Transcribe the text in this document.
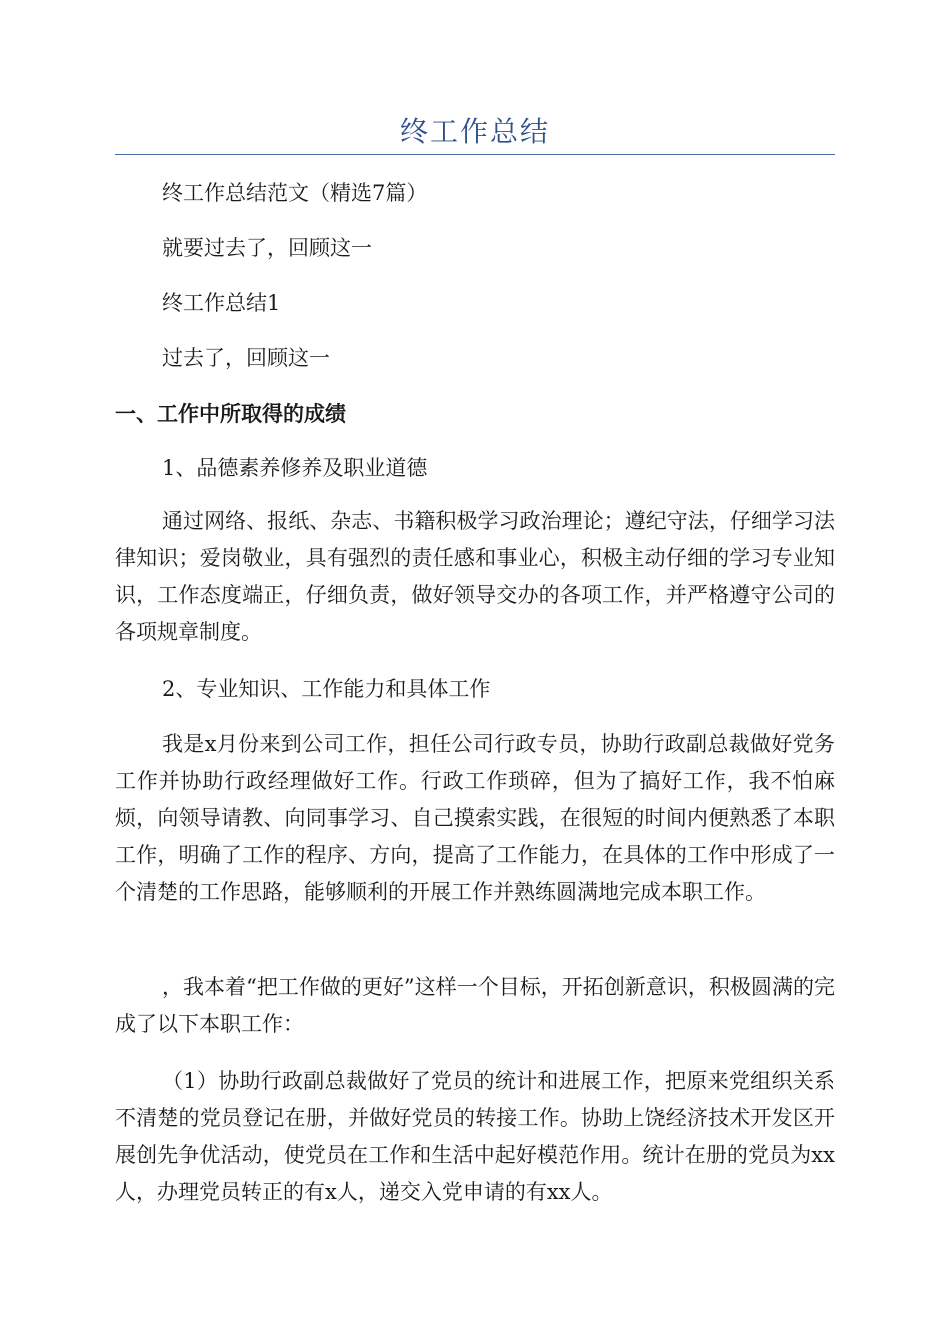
终工作总结

终工作总结范文（精选7篇）

就要过去了，回顾这一

终工作总结1

过去了，回顾这一

一、工作中所取得的成绩

1、品德素养修养及职业道德

通过网络、报纸、杂志、书籍积极学习政治理论；遵纪守法，仔细学习法律知识；爱岗敬业，具有强烈的责任感和事业心，积极主动仔细的学习专业知识，工作态度端正，仔细负责，做好领导交办的各项工作，并严格遵守公司的各项规章制度。

2、专业知识、工作能力和具体工作

我是x月份来到公司工作，担任公司行政专员，协助行政副总裁做好党务工作并协助行政经理做好工作。行政工作琐碎，但为了搞好工作，我不怕麻烦，向领导请教、向同事学习、自己摸索实践，在很短的时间内便熟悉了本职工作，明确了工作的程序、方向，提高了工作能力，在具体的工作中形成了一个清楚的工作思路，能够顺利的开展工作并熟练圆满地完成本职工作。

，我本着“把工作做的更好”这样一个目标，开拓创新意识，积极圆满的完成了以下本职工作：

（1）协助行政副总裁做好了党员的统计和进展工作，把原来党组织关系不清楚的党员登记在册，并做好党员的转接工作。协助上饶经济技术开发区开展创先争优活动，使党员在工作和生活中起好模范作用。统计在册的党员为xx人，办理党员转正的有x人，递交入党申请的有xx人。
